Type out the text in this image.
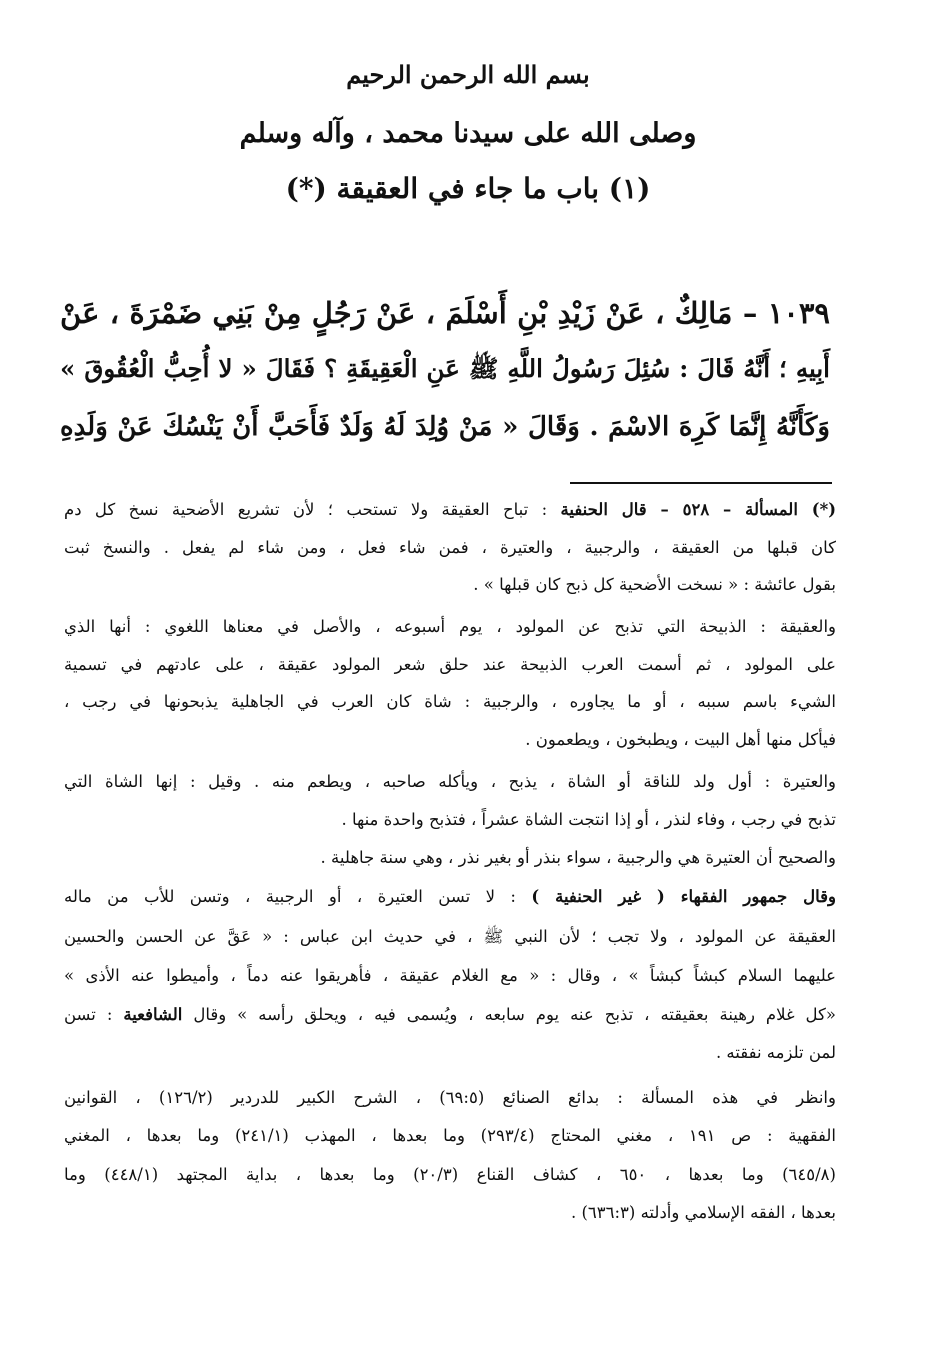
بسم الله الرحمن الرحيم
وصلى الله على سيدنا محمد ، وآله وسلم
(١) باب ما جاء في العقيقة (*)
١٠٣٩ – مَالِكٌ ، عَنْ زَيْدِ بْنِ أَسْلَمَ ، عَنْ رَجُلٍ مِنْ بَنِي ضَمْرَةَ ، عَنْ
أَبِيهِ ؛ أَنَّهُ قَالَ : سُئِلَ رَسُولُ اللَّهِ ﷺ عَنِ الْعَقِيقَةِ ؟ فَقَالَ « لا أُحِبُّ الْعُقُوقَ »
وَكَأَنَّهُ إِنَّمَا كَرِهَ الاسْمَ . وَقَالَ « مَنْ وُلِدَ لَهُ وَلَدٌ فَأَحَبَّ أَنْ يَنْسُكَ عَنْ وَلَدِهِ
(*) المسألة – ٥٢٨ – قال الحنفية : تباح العقيقة ولا تستحب ؛ لأن تشريع الأضحية نسخ كل دم
كان قبلها من العقيقة ، والرجبية ، والعتيرة ، فمن شاء فعل ، ومن شاء لم يفعل . والنسخ ثبت
بقول عائشة : « نسخت الأضحية كل ذبح كان قبلها » .
والعقيقة : الذبيحة التي تذبح عن المولود ، يوم أسبوعه ، والأصل في معناها اللغوي : أنها الذي
على المولود ، ثم أسمت العرب الذبيحة عند حلق شعر المولود عقيقة ، على عادتهم في تسمية
الشيء باسم سببه ، أو ما يجاوره ، والرجبية : شاة كان العرب في الجاهلية يذبحونها في رجب ،
فيأكل منها أهل البيت ، ويطبخون ، ويطعمون .
والعتيرة : أول ولد للناقة أو الشاة ، يذبح ، ويأكله صاحبه ، ويطعم منه . وقيل : إنها الشاة التي
تذبح في رجب ، وفاء لنذر ، أو إذا انتجت الشاة عشراً ، فتذبح واحدة منها .
والصحيح أن العتيرة هي والرجبية ، سواء بنذر أو بغير نذر ، وهي سنة جاهلية .
وقال جمهور الفقهاء ( غير الحنفية ) : لا تسن العتيرة ، أو الرجبية ، وتسن للأب من ماله
العقيقة عن المولود ، ولا تجب ؛ لأن النبي ﷺ ، في حديث ابن عباس : « عَقَّ عن الحسن والحسين
عليهما السلام كبشاً كبشاً » ، وقال : « مع الغلام عقيقة ، فأهريقوا عنه دماً ، وأميطوا عنه الأذى »
«كل غلام رهينة بعقيقته ، تذبح عنه يوم سابعه ، ويُسمى فيه ، ويحلق رأسه » وقال الشافعية : تسن
لمن تلزمه نفقته .
وانظر في هذه المسألة : بدائع الصنائع (٦٩:٥) ، الشرح الكبير للدردير (١٢٦/٢) ، القوانين
الفقهية : ص ١٩١ ، مغني المحتاج (٢٩٣/٤) وما بعدها ، المهذب (٢٤١/١) وما بعدها ، المغني
(٦٤٥/٨) وما بعدها ، ٦٥٠ ، كشاف القناع (٢٠/٣) وما بعدها ، بداية المجتهد (٤٤٨/١) وما
بعدها ، الفقه الإسلامي وأدلته (٦٣٦:٣) .
